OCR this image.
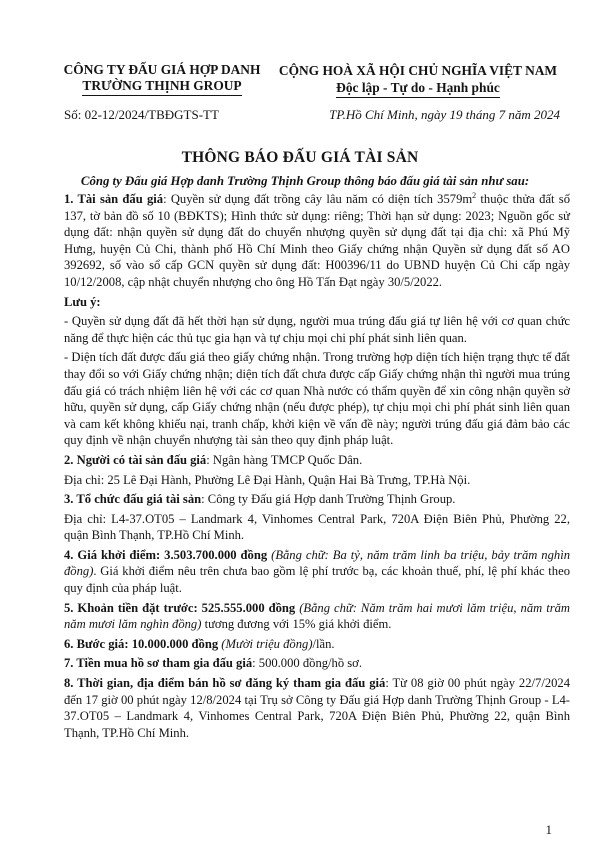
CÔNG TY ĐẤU GIÁ HỢP DANH
TRƯỜNG THỊNH GROUP
CỘNG HOÀ XÃ HỘI CHỦ NGHĨA VIỆT NAM
Độc lập - Tự do - Hạnh phúc
Số: 02-12/2024/TBĐGTS-TT	TP.Hồ Chí Minh, ngày 19 tháng 7 năm 2024
THÔNG BÁO ĐẤU GIÁ TÀI SẢN
Công ty Đấu giá Hợp danh Trường Thịnh Group thông báo đấu giá tài sản như sau:

1. Tài sản đấu giá: Quyền sử dụng đất trồng cây lâu năm có diện tích $3579m^2$ thuộc thửa đất số 137, tờ bản đồ số 10 (BĐKTS); Hình thức sử dụng: riêng; Thời hạn sử dụng: 2023; Nguồn gốc sử dụng đất: nhận quyền sử dụng đất do chuyển nhượng quyền sử dụng đất tại địa chỉ: xã Phú Mỹ Hưng, huyện Củ Chi, thành phố Hồ Chí Minh theo Giấy chứng nhận Quyền sử dụng đất số AO 392692, số vào sổ cấp GCN quyền sử dụng đất: H00396/11 do UBND huyện Củ Chi cấp ngày 10/12/2008, cập nhật chuyển nhượng cho ông Hồ Tấn Đạt ngày 30/5/2022.

Lưu ý:

- Quyền sử dụng đất đã hết thời hạn sử dụng, người mua trúng đấu giá tự liên hệ với cơ quan chức năng để thực hiện các thủ tục gia hạn và tự chịu mọi chi phí phát sinh liên quan.

- Diện tích đất được đấu giá theo giấy chứng nhận. Trong trường hợp diện tích hiện trạng thực tế đất thay đổi so với Giấy chứng nhận; diện tích đất chưa được cấp Giấy chứng nhận thì người mua trúng đấu giá có trách nhiệm liên hệ với các cơ quan Nhà nước có thẩm quyền để xin công nhận quyền sở hữu, quyền sử dụng, cấp Giấy chứng nhận (nếu được phép), tự chịu mọi chi phí phát sinh liên quan và cam kết không khiếu nại, tranh chấp, khởi kiện về vấn đề này; người trúng đấu giá đảm bảo các quy định về nhận chuyển nhượng tài sản theo quy định pháp luật.

2. Người có tài sản đấu giá: Ngân hàng TMCP Quốc Dân.

Địa chỉ: 25 Lê Đại Hành, Phường Lê Đại Hành, Quận Hai Bà Trưng, TP.Hà Nội.

3. Tổ chức đấu giá tài sản: Công ty Đấu giá Hợp danh Trường Thịnh Group.

Địa chỉ: L4-37.OT05 – Landmark 4, Vinhomes Central Park, 720A Điện Biên Phủ, Phường 22, quận Bình Thạnh, TP.Hồ Chí Minh.

4. Giá khởi điểm: 3.503.700.000 đồng (Bằng chữ: Ba tỷ, năm trăm linh ba triệu, bảy trăm nghìn đồng). Giá khởi điểm nêu trên chưa bao gồm lệ phí trước bạ, các khoản thuế, phí, lệ phí khác theo quy định của pháp luật.

5. Khoản tiền đặt trước: 525.555.000 đồng (Bằng chữ: Năm trăm hai mươi lăm triệu, năm trăm năm mươi lăm nghìn đồng) tương đương với 15% giá khởi điểm.

6. Bước giá: 10.000.000 đồng (Mười triệu đồng)/lần.

7. Tiền mua hồ sơ tham gia đấu giá: 500.000 đồng/hồ sơ.

8. Thời gian, địa điểm bán hồ sơ đăng ký tham gia đấu giá: Từ 08 giờ 00 phút ngày 22/7/2024 đến 17 giờ 00 phút ngày 12/8/2024 tại Trụ sở Công ty Đấu giá Hợp danh Trường Thịnh Group - L4-37.OT05 – Landmark 4, Vinhomes Central Park, 720A Điện Biên Phủ, Phường 22, quận Bình Thạnh, TP.Hồ Chí Minh.

1
